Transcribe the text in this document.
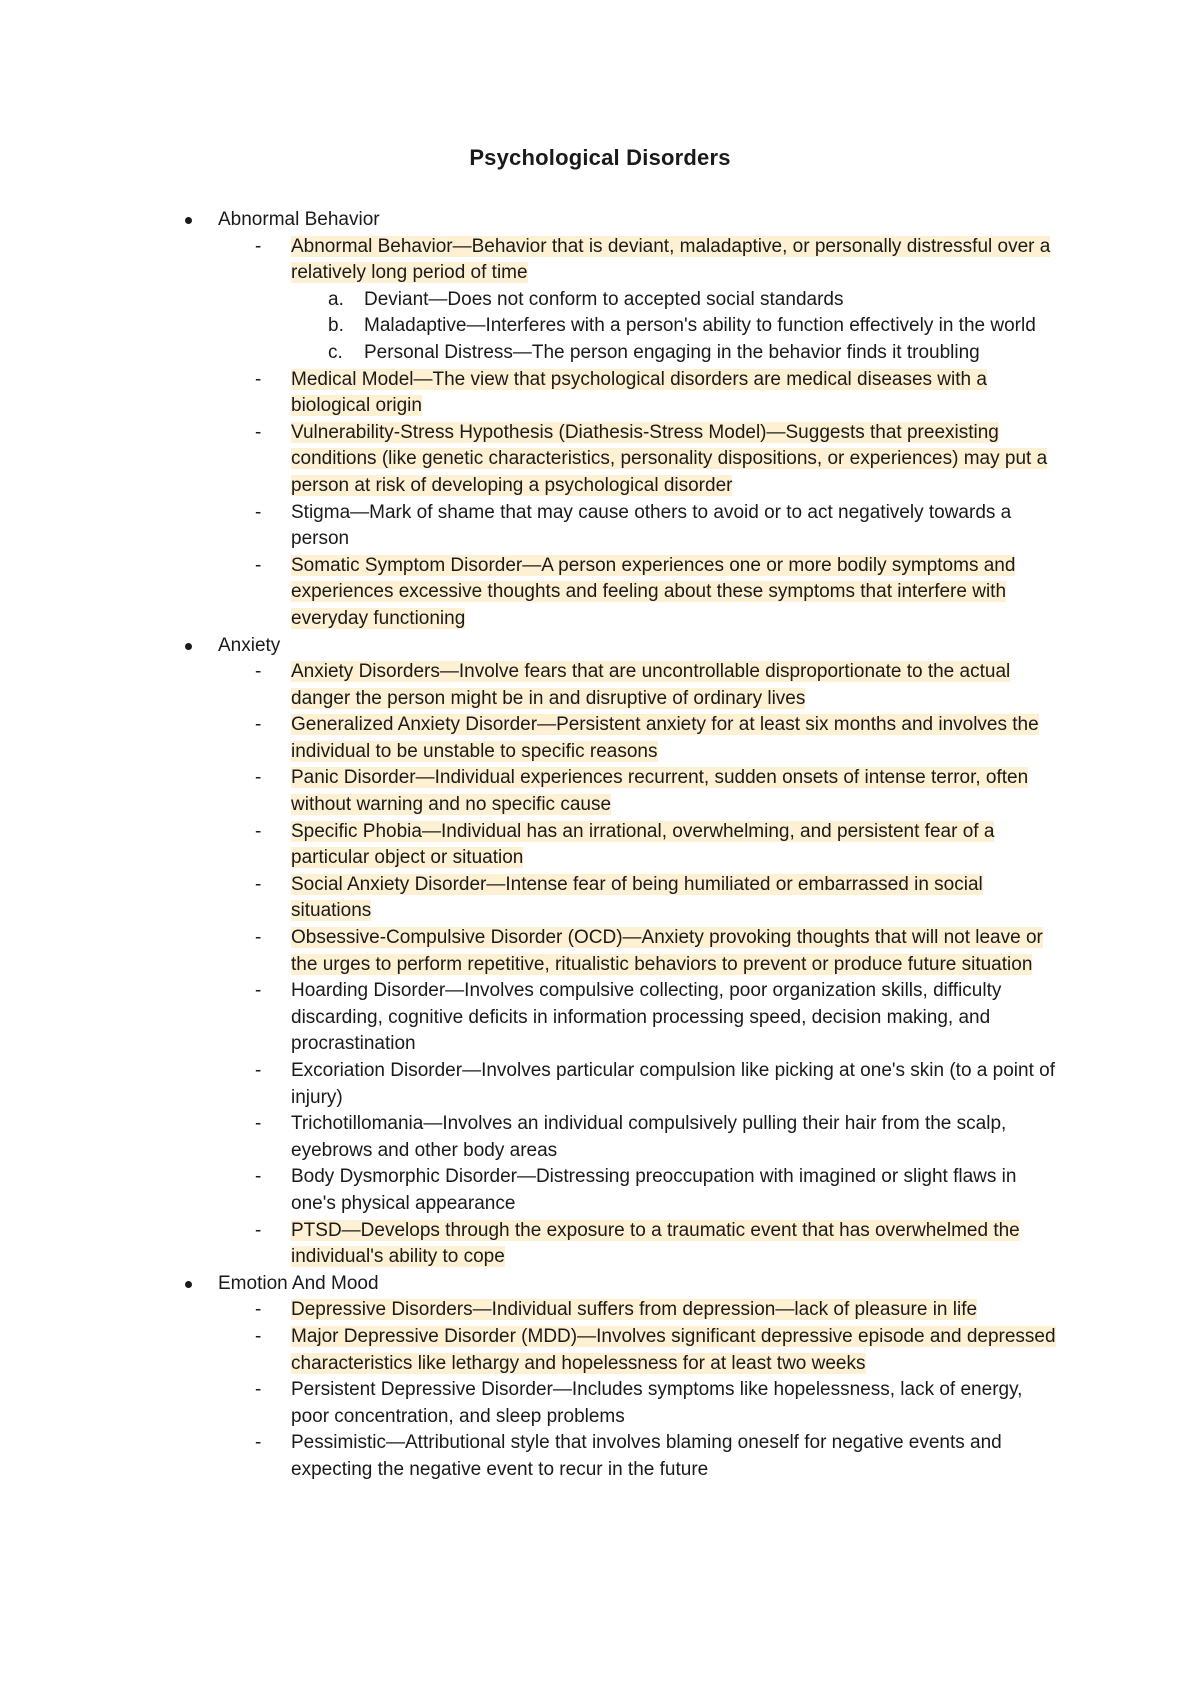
Psychological Disorders
Abnormal Behavior
- Abnormal Behavior—Behavior that is deviant, maladaptive, or personally distressful over a relatively long period of time
a. Deviant—Does not conform to accepted social standards
b. Maladaptive—Interferes with a person's ability to function effectively in the world
c. Personal Distress—The person engaging in the behavior finds it troubling
- Medical Model—The view that psychological disorders are medical diseases with a biological origin
- Vulnerability-Stress Hypothesis (Diathesis-Stress Model)—Suggests that preexisting conditions (like genetic characteristics, personality dispositions, or experiences) may put a person at risk of developing a psychological disorder
- Stigma—Mark of shame that may cause others to avoid or to act negatively towards a person
- Somatic Symptom Disorder—A person experiences one or more bodily symptoms and experiences excessive thoughts and feeling about these symptoms that interfere with everyday functioning
Anxiety
- Anxiety Disorders—Involve fears that are uncontrollable disproportionate to the actual danger the person might be in and disruptive of ordinary lives
- Generalized Anxiety Disorder—Persistent anxiety for at least six months and involves the individual to be unstable to specific reasons
- Panic Disorder—Individual experiences recurrent, sudden onsets of intense terror, often without warning and no specific cause
- Specific Phobia—Individual has an irrational, overwhelming, and persistent fear of a particular object or situation
- Social Anxiety Disorder—Intense fear of being humiliated or embarrassed in social situations
- Obsessive-Compulsive Disorder (OCD)—Anxiety provoking thoughts that will not leave or the urges to perform repetitive, ritualistic behaviors to prevent or produce future situation
- Hoarding Disorder—Involves compulsive collecting, poor organization skills, difficulty discarding, cognitive deficits in information processing speed, decision making, and procrastination
- Excoriation Disorder—Involves particular compulsion like picking at one's skin (to a point of injury)
- Trichotillomania—Involves an individual compulsively pulling their hair from the scalp, eyebrows and other body areas
- Body Dysmorphic Disorder—Distressing preoccupation with imagined or slight flaws in one's physical appearance
- PTSD—Develops through the exposure to a traumatic event that has overwhelmed the individual's ability to cope
Emotion And Mood
- Depressive Disorders—Individual suffers from depression—lack of pleasure in life
- Major Depressive Disorder (MDD)—Involves significant depressive episode and depressed characteristics like lethargy and hopelessness for at least two weeks
- Persistent Depressive Disorder—Includes symptoms like hopelessness, lack of energy, poor concentration, and sleep problems
- Pessimistic—Attributional style that involves blaming oneself for negative events and expecting the negative event to recur in the future
